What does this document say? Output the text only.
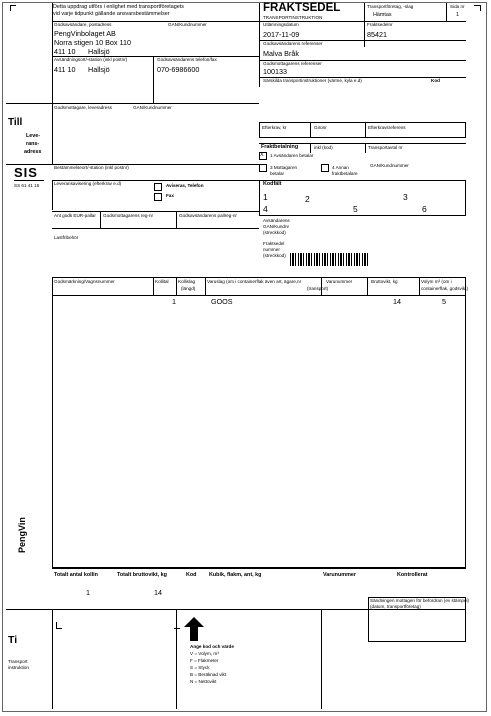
Detta uppdrag utförs i enlighet med transportföretagets
vid varje tidpunkt gällande ansvarsbestämmelser	FRAKTSEDEL
TRANSPORTINSTRUKTION
Transportföretag, -slag
Hämtas
Sida nr
1
Godsavsändare, postadress	GAN/Kundnummer
PengVinbolaget AB
Norra stigen 10 Box 110
411 10 Hallsjö
Avsändningsort/-station (inkl postnr)	Godsavsändarens telefon/fax
411 10 Hallsjö	070-6986600
Utlämningsdatum	Fraktsedelnr
2017-11-09	85421
Godsavsändarens referenser
Malva Bråk
Godsmottagarens referenser
100133
Särskilda transportinstruktioner (värme, kyla e.d)	Kod
Till
Leve-
rans-
adress
Godsmottagare, leveradress	GAN/Kundnummer
Efterkrav, kr	Gironr	Efterkravsreferens
Fraktbetalning	inkl (kod)	Transportavtal nr
X 1 Avsändaren betalar
3 Mottagaren
betalar
4 Annan
fraktbetalare
GAN/Kundnummer
Bestämmelseort/-station (inkl postnr)
SIS
SS 61 41 15	Leveransavisering (efterkrav e.d)	Aviseras, Telefon
Fax
Kodfält
1	2	3
4	5	6
Ant godk EUR-pallar Godsmottagarens reg-nr	Godsavsändarens pallreg-nr
Avsändarens
GAN/Kundnr
(streckkod)
Lastfribehör
Fraktsedel
nummer
(streckkod)
Godsmärkning/Vagnsnummer	Kollital Kollislag
(längd)
Varuslag (om i containerflak även art, ägare,nr
(transport)
Varunummer	Bruttovikt, kg	Volym m³ (om i
containerflak, godsvikt)
1	GOOS	14	5
PengVin
Totalt antal kollin	Totalt bruttovikt, kg	Kod Kubik, flakm, ant, kg	Varunummer	Kontrollerat
1	14
Ti
Transport
instruktion
Ange kod och värde
V = Volym, m³
F = Flakmeter
S = Styck
B = Beräknad vikt
N = Nettovikt
Sändningen mottagen för befordran (ev stämpel)
(datum, transportföretag)
